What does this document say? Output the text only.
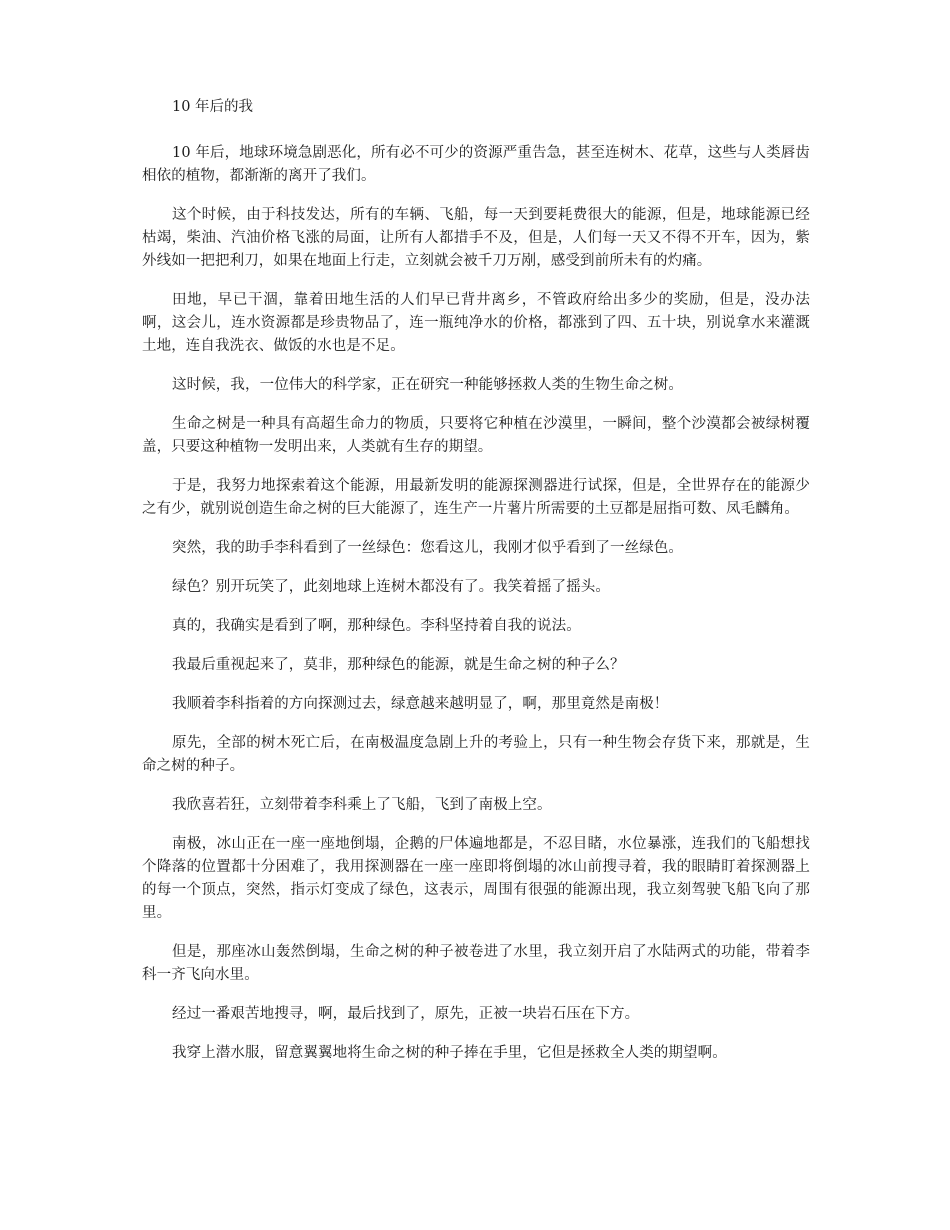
10 年后的我

10 年后，地球环境急剧恶化，所有必不可少的资源严重告急，甚至连树木、花草，这些与人类唇齿相依的植物，都渐渐的离开了我们。

这个时候，由于科技发达，所有的车辆、飞船，每一天到要耗费很大的能源，但是，地球能源已经枯竭，柴油、汽油价格飞涨的局面，让所有人都措手不及，但是，人们每一天又不得不开车，因为，紫外线如一把把利刀，如果在地面上行走，立刻就会被千刀万剐，感受到前所未有的灼痛。

田地，早已干涸，靠着田地生活的人们早已背井离乡，不管政府给出多少的奖励，但是，没办法啊，这会儿，连水资源都是珍贵物品了，连一瓶纯净水的价格，都涨到了四、五十块，别说拿水来灌溉土地，连自我洗衣、做饭的水也是不足。

这时候，我，一位伟大的科学家，正在研究一种能够拯救人类的生物生命之树。

生命之树是一种具有高超生命力的物质，只要将它种植在沙漠里，一瞬间，整个沙漠都会被绿树覆盖，只要这种植物一发明出来，人类就有生存的期望。

于是，我努力地探索着这个能源，用最新发明的能源探测器进行试探，但是，全世界存在的能源少之有少，就别说创造生命之树的巨大能源了，连生产一片薯片所需要的土豆都是屈指可数、凤毛麟角。

突然，我的助手李科看到了一丝绿色：您看这儿，我刚才似乎看到了一丝绿色。

绿色？别开玩笑了，此刻地球上连树木都没有了。我笑着摇了摇头。

真的，我确实是看到了啊，那种绿色。李科坚持着自我的说法。

我最后重视起来了，莫非，那种绿色的能源，就是生命之树的种子么？

我顺着李科指着的方向探测过去，绿意越来越明显了，啊，那里竟然是南极！

原先，全部的树木死亡后，在南极温度急剧上升的考验上，只有一种生物会存货下来，那就是，生命之树的种子。

我欣喜若狂，立刻带着李科乘上了飞船，飞到了南极上空。

南极，冰山正在一座一座地倒塌，企鹅的尸体遍地都是，不忍目睹，水位暴涨，连我们的飞船想找个降落的位置都十分困难了，我用探测器在一座一座即将倒塌的冰山前搜寻着，我的眼睛盯着探测器上的每一个顶点，突然，指示灯变成了绿色，这表示，周围有很强的能源出现，我立刻驾驶飞船飞向了那里。

但是，那座冰山轰然倒塌，生命之树的种子被卷进了水里，我立刻开启了水陆两式的功能，带着李科一齐飞向水里。

经过一番艰苦地搜寻，啊，最后找到了，原先，正被一块岩石压在下方。

我穿上潜水服，留意翼翼地将生命之树的种子捧在手里，它但是拯救全人类的期望啊。
